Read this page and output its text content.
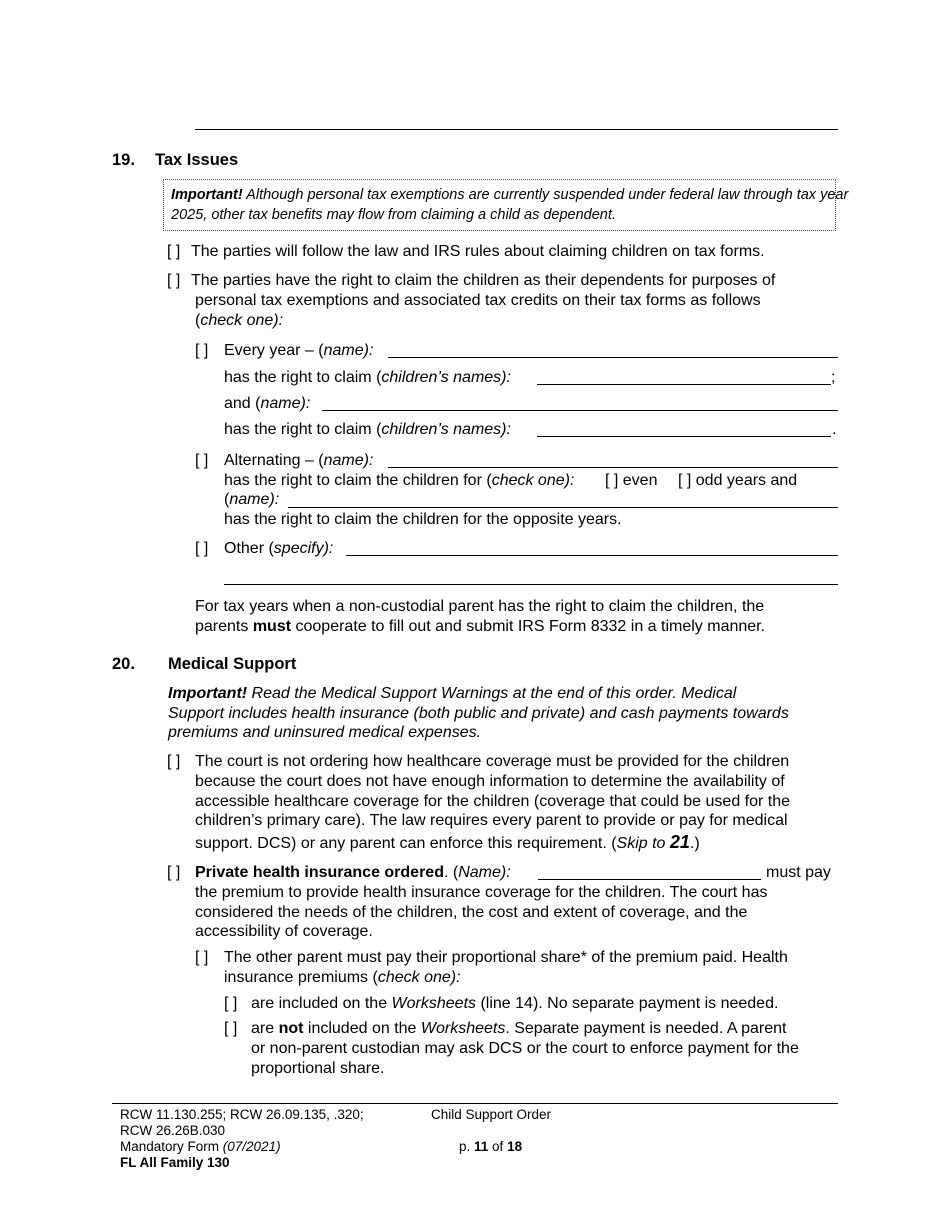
19. Tax Issues
Important! Although personal tax exemptions are currently suspended under federal law through tax year
2025, other tax benefits may flow from claiming a child as dependent.
[ ] The parties will follow the law and IRS rules about claiming children on tax forms.
[ ] The parties have the right to claim the children as their dependents for purposes of
personal tax exemptions and associated tax credits on their tax forms as follows
(check one):
[ ] Every year – (name):
has the right to claim (children’s names):	;
and (name):
has the right to claim (children’s names):	.
[ ] Alternating – (name):
has the right to claim the children for (check one): [ ] even [ ] odd years and
(name):
has the right to claim the children for the opposite years.
[ ] Other (specify):
For tax years when a non-custodial parent has the right to claim the children, the
parents must cooperate to fill out and submit IRS Form 8332 in a timely manner.
20. Medical Support
Important! Read the Medical Support Warnings at the end of this order. Medical
Support includes health insurance (both public and private) and cash payments towards
premiums and uninsured medical expenses.
[ ] The court is not ordering how healthcare coverage must be provided for the children
because the court does not have enough information to determine the availability of
accessible healthcare coverage for the children (coverage that could be used for the
children’s primary care). The law requires every parent to provide or pay for medical
support. DCS) or any parent can enforce this requirement. (Skip to 21.)
[ ] Private health insurance ordered. (Name):	must pay
the premium to provide health insurance coverage for the children. The court has
considered the needs of the children, the cost and extent of coverage, and the
accessibility of coverage.
[ ] The other parent must pay their proportional share* of the premium paid. Health
insurance premiums (check one):
[ ] are included on the Worksheets (line 14). No separate payment is needed.
[ ] are not included on the Worksheets. Separate payment is needed. A parent
or non-parent custodian may ask DCS or the court to enforce payment for the
proportional share.
RCW 11.130.255; RCW 26.09.135, .320;
RCW 26.26B.030
Mandatory Form (07/2021)
FL All Family 130
Child Support Order
p. 11 of 18
